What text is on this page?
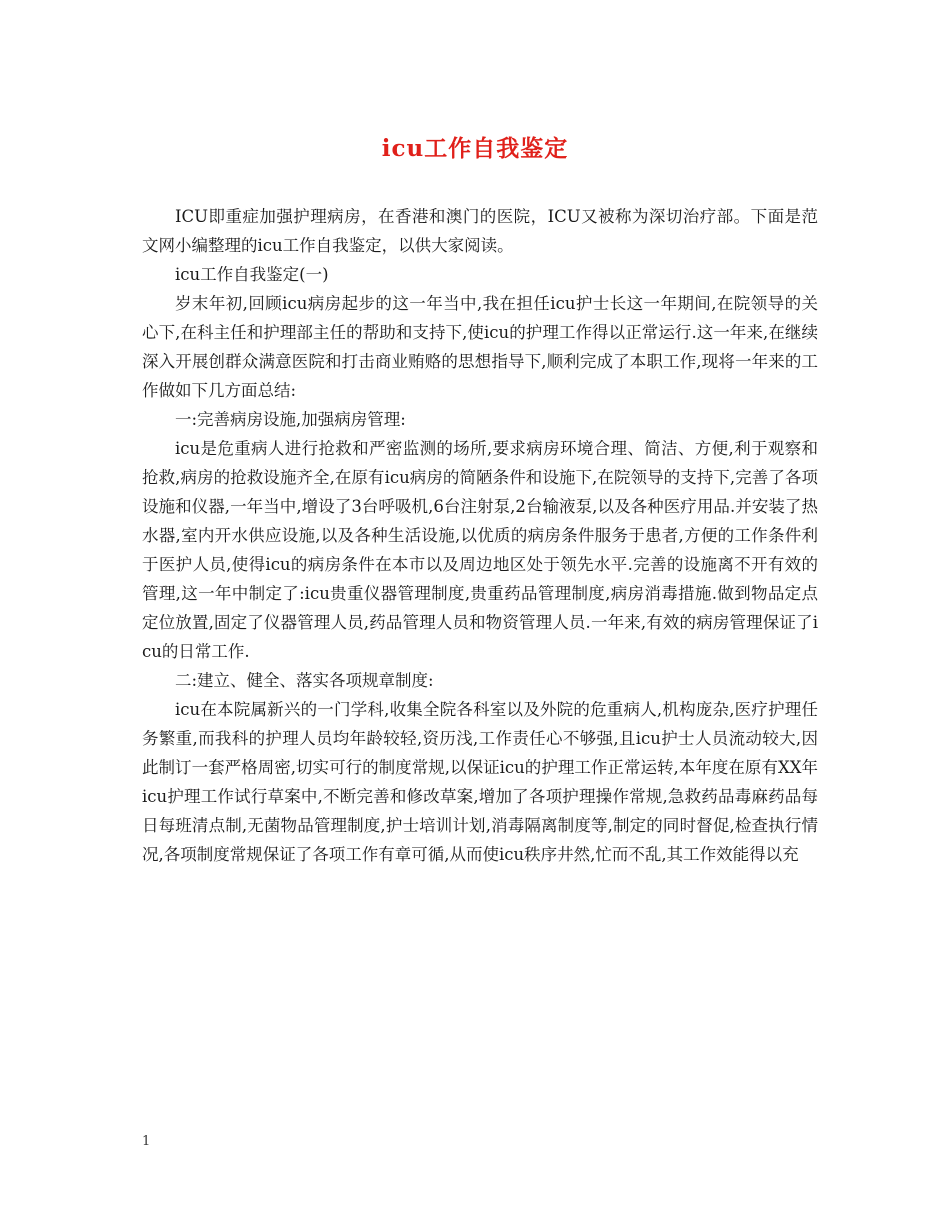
icu工作自我鉴定

ICU即重症加强护理病房，在香港和澳门的医院，ICU又被称为深切治疗部。下面是范文网小编整理的icu工作自我鉴定，以供大家阅读。

icu工作自我鉴定(一)

岁末年初,回顾icu病房起步的这一年当中,我在担任icu护士长这一年期间,在院领导的关心下,在科主任和护理部主任的帮助和支持下,使icu的护理工作得以正常运行.这一年来,在继续深入开展创群众满意医院和打击商业贿赂的思想指导下,顺利完成了本职工作,现将一年来的工作做如下几方面总结:

一:完善病房设施,加强病房管理:

icu是危重病人进行抢救和严密监测的场所,要求病房环境合理、简洁、方便,利于观察和抢救,病房的抢救设施齐全,在原有icu病房的简陋条件和设施下,在院领导的支持下,完善了各项设施和仪器,一年当中,增设了3台呼吸机,6台注射泵,2台输液泵,以及各种医疗用品.并安装了热水器,室内开水供应设施,以及各种生活设施,以优质的病房条件服务于患者,方便的工作条件利于医护人员,使得icu的病房条件在本市以及周边地区处于领先水平.完善的设施离不开有效的管理,这一年中制定了:icu贵重仪器管理制度,贵重药品管理制度,病房消毒措施.做到物品定点定位放置,固定了仪器管理人员,药品管理人员和物资管理人员.一年来,有效的病房管理保证了icu的日常工作.

二:建立、健全、落实各项规章制度:

icu在本院属新兴的一门学科,收集全院各科室以及外院的危重病人,机构庞杂,医疗护理任务繁重,而我科的护理人员均年龄较轻,资历浅,工作责任心不够强,且icu护士人员流动较大,因此制订一套严格周密,切实可行的制度常规,以保证icu的护理工作正常运转,本年度在原有XX年icu护理工作试行草案中,不断完善和修改草案,增加了各项护理操作常规,急救药品毒麻药品每日每班清点制,无菌物品管理制度,护士培训计划,消毒隔离制度等,制定的同时督促,检查执行情况,各项制度常规保证了各项工作有章可循,从而使icu秩序井然,忙而不乱,其工作效能得以充

1
